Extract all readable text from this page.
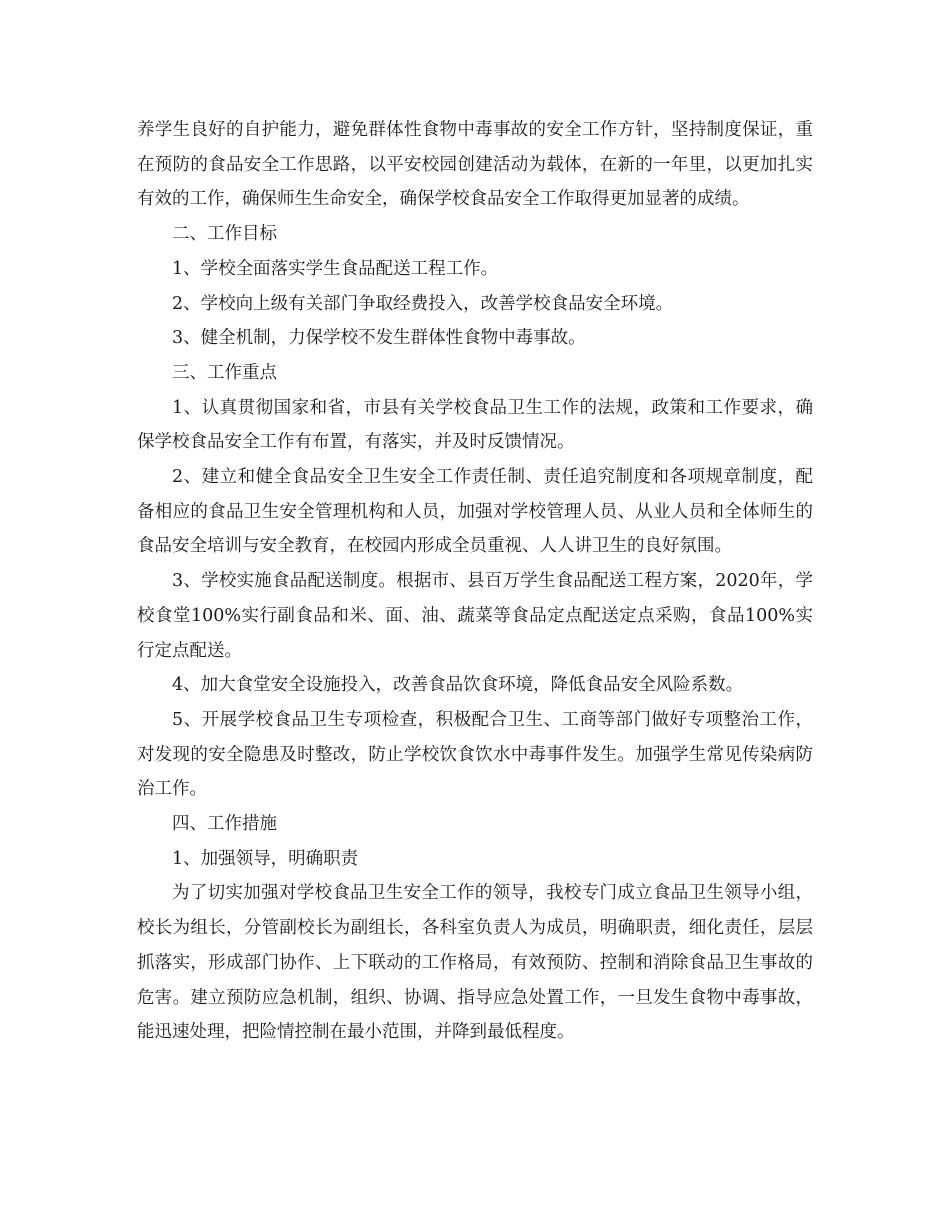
养学生良好的自护能力，避免群体性食物中毒事故的安全工作方针，坚持制度保证，重在预防的食品安全工作思路，以平安校园创建活动为载体，在新的一年里，以更加扎实有效的工作，确保师生生命安全，确保学校食品安全工作取得更加显著的成绩。

二、工作目标

1、学校全面落实学生食品配送工程工作。

2、学校向上级有关部门争取经费投入，改善学校食品安全环境。

3、健全机制，力保学校不发生群体性食物中毒事故。

三、工作重点

1、认真贯彻国家和省，市县有关学校食品卫生工作的法规，政策和工作要求，确保学校食品安全工作有布置，有落实，并及时反馈情况。

2、建立和健全食品安全卫生安全工作责任制、责任追究制度和各项规章制度，配备相应的食品卫生安全管理机构和人员，加强对学校管理人员、从业人员和全体师生的食品安全培训与安全教育，在校园内形成全员重视、人人讲卫生的良好氛围。

3、学校实施食品配送制度。根据市、县百万学生食品配送工程方案，2020年，学校食堂100%实行副食品和米、面、油、蔬菜等食品定点配送定点采购，食品100%实行定点配送。

4、加大食堂安全设施投入，改善食品饮食环境，降低食品安全风险系数。

5、开展学校食品卫生专项检查，积极配合卫生、工商等部门做好专项整治工作，对发现的安全隐患及时整改，防止学校饮食饮水中毒事件发生。加强学生常见传染病防治工作。

四、工作措施

1、加强领导，明确职责

为了切实加强对学校食品卫生安全工作的领导，我校专门成立食品卫生领导小组，校长为组长，分管副校长为副组长，各科室负责人为成员，明确职责，细化责任，层层抓落实，形成部门协作、上下联动的工作格局，有效预防、控制和消除食品卫生事故的危害。建立预防应急机制，组织、协调、指导应急处置工作，一旦发生食物中毒事故，能迅速处理，把险情控制在最小范围，并降到最低程度。
